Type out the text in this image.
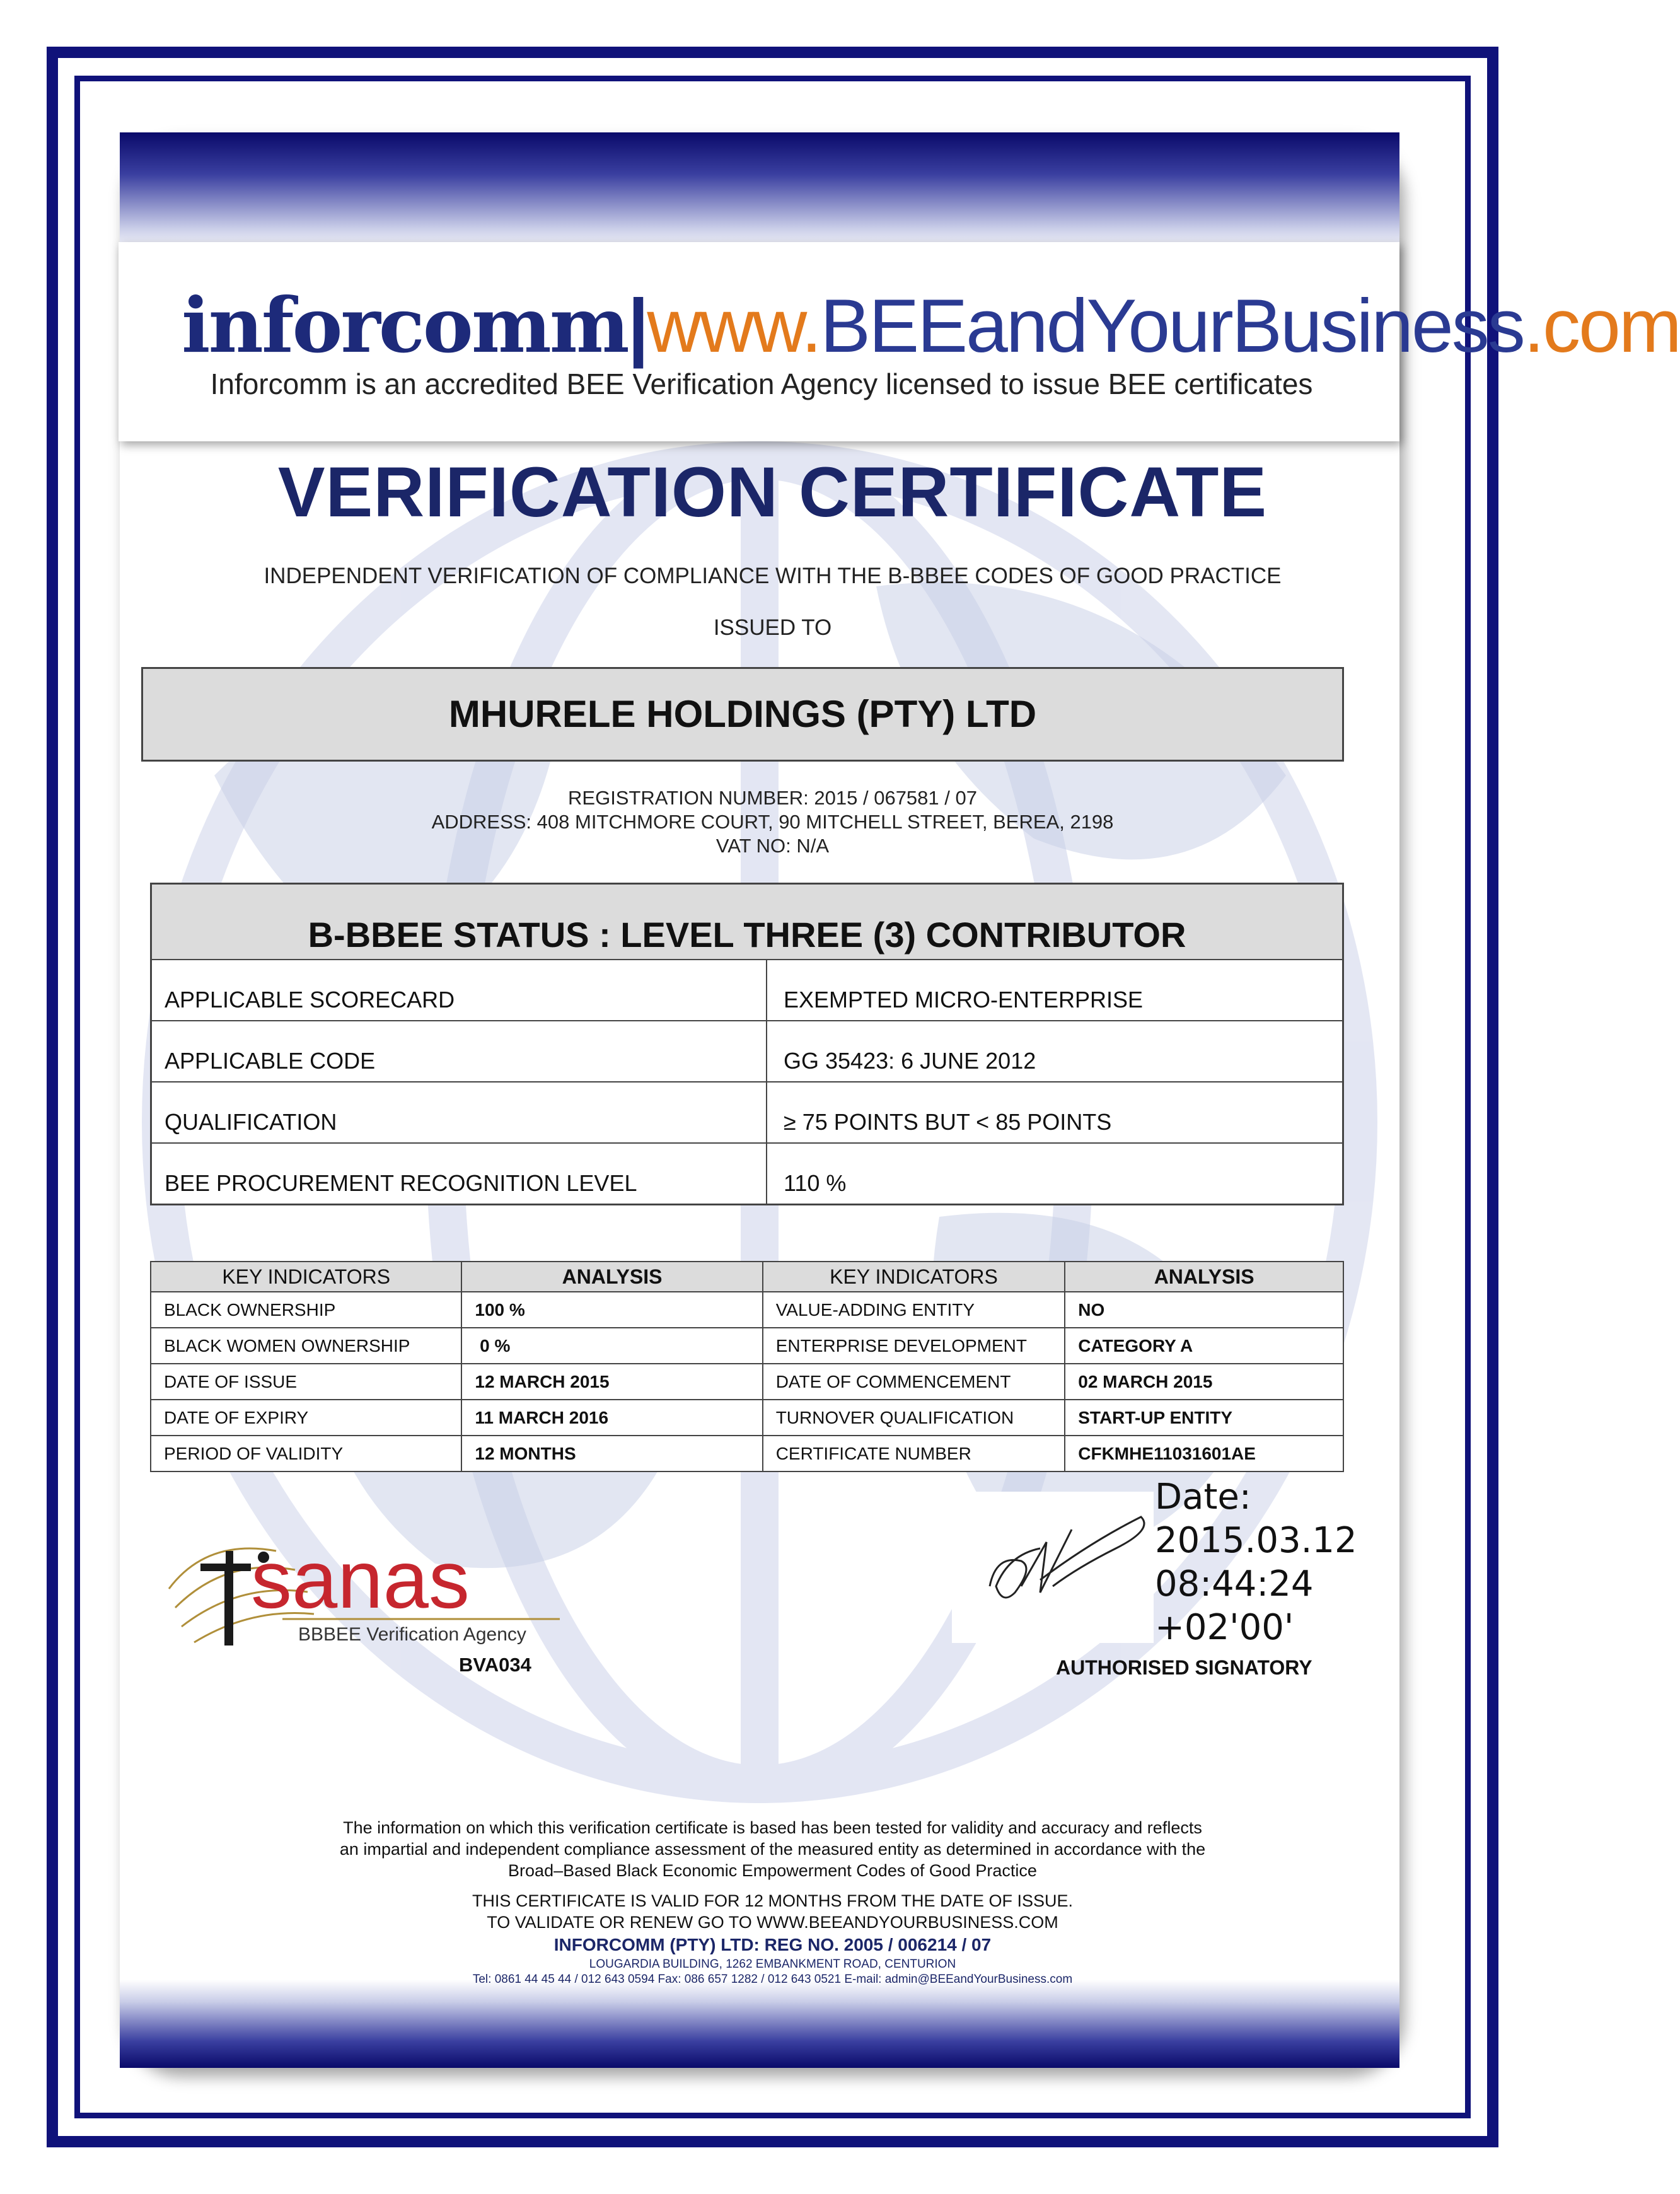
inforcomm|www.BEEandYourBusiness.com
Inforcomm is an accredited BEE Verification Agency licensed to issue BEE certificates
VERIFICATION CERTIFICATE
INDEPENDENT VERIFICATION OF COMPLIANCE WITH THE B-BBEE CODES OF GOOD PRACTICE
ISSUED TO
MHURELE HOLDINGS (PTY) LTD
REGISTRATION NUMBER: 2015 / 067581 / 07
ADDRESS: 408 MITCHMORE COURT, 90 MITCHELL STREET, BEREA, 2198
VAT NO: N/A
B-BBEE STATUS : LEVEL THREE (3) CONTRIBUTOR
APPLICABLE SCORECARD	EXEMPTED MICRO-ENTERPRISE
APPLICABLE CODE	GG 35423: 6 JUNE 2012
QUALIFICATION	≥ 75 POINTS BUT < 85 POINTS
BEE PROCUREMENT RECOGNITION LEVEL	110 %
KEY INDICATORS	ANALYSIS	KEY INDICATORS	ANALYSIS
BLACK OWNERSHIP	100 %	VALUE-ADDING ENTITY	NO
BLACK WOMEN OWNERSHIP	0 %	ENTERPRISE DEVELOPMENT	CATEGORY A
DATE OF ISSUE	12 MARCH 2015	DATE OF COMMENCEMENT	02 MARCH 2015
DATE OF EXPIRY	11 MARCH 2016	TURNOVER QUALIFICATION	START-UP ENTITY
PERIOD OF VALIDITY	12 MONTHS	CERTIFICATE NUMBER	CFKMHE11031601AE
sanas
BBBEE Verification Agency
BVA034
Date:
2015.03.12
08:44:24
+02'00'
AUTHORISED SIGNATORY
The information on which this verification certificate is based has been tested for validity and accuracy and reflects
an impartial and independent compliance assessment of the measured entity as determined in accordance with the
Broad–Based Black Economic Empowerment Codes of Good Practice
THIS CERTIFICATE IS VALID FOR 12 MONTHS FROM THE DATE OF ISSUE.
TO VALIDATE OR RENEW GO TO WWW.BEEANDYOURBUSINESS.COM
INFORCOMM (PTY) LTD: REG NO. 2005 / 006214 / 07
LOUGARDIA BUILDING, 1262 EMBANKMENT ROAD, CENTURION
Tel: 0861 44 45 44 / 012 643 0594 Fax: 086 657 1282 / 012 643 0521 E-mail: admin@BEEandYourBusiness.com
